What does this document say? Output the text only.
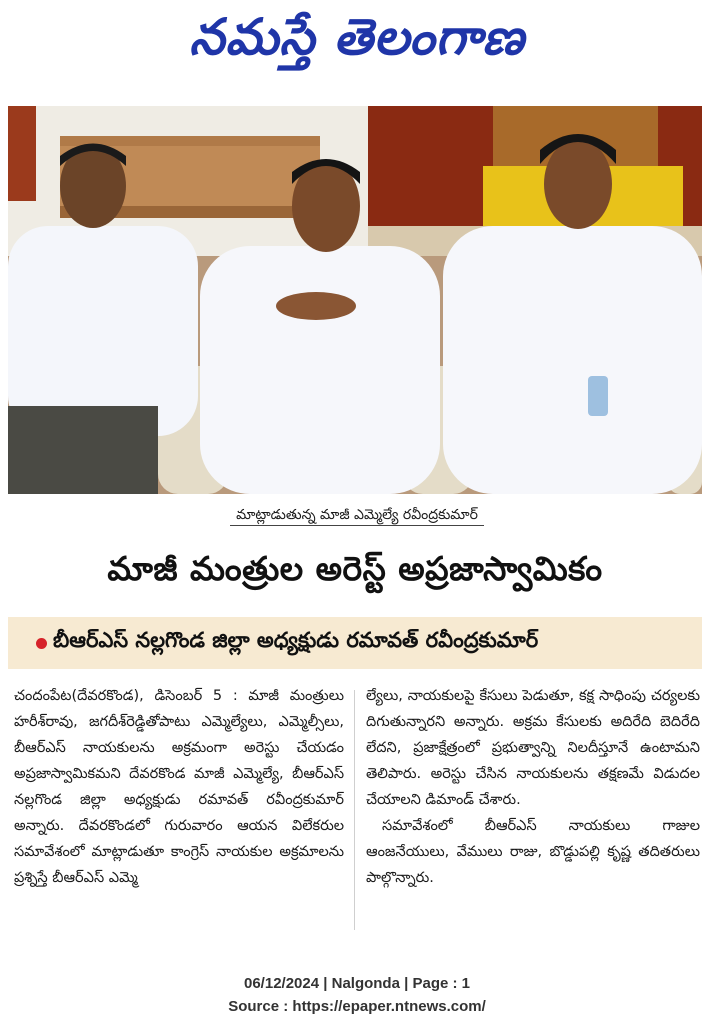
నమస్తే తెలంగాణ
మాట్లాడుతున్న మాజీ ఎమ్మెల్యే రవీంద్రకుమార్
మాజీ మంత్రుల అరెస్ట్ అప్రజాస్వామికం
బీఆర్ఎస్ నల్లగొండ జిల్లా అధ్యక్షుడు రమావత్ రవీంద్రకుమార్

చందంపేట(దేవరకొండ), డిసెంబర్ 5 : మాజీ మంత్రులు హరీశ్‌రావు, జగదీశ్‌రెడ్డితోపాటు ఎమ్మెల్యేలు, ఎమ్మెల్సీలు, బీఆర్ఎస్ నాయకులను అక్రమంగా అరెస్టు చేయడం అప్రజాస్వామికమని దేవరకొండ మాజీ ఎమ్మెల్యే, బీఆర్ఎస్ నల్లగొండ జిల్లా అధ్యక్షుడు రమావత్ రవీంద్రకుమార్ అన్నారు. దేవరకొండలో గురువారం ఆయన విలేకరుల సమావేశంలో మాట్లాడుతూ కాంగ్రెస్ నాయకుల అక్రమాలను ప్రశ్నిస్తే బీఆర్ఎస్ ఎమ్మె

ల్యేలు, నాయకులపై కేసులు పెడుతూ, కక్ష సాధింపు చర్యలకు దిగుతున్నారని అన్నారు. అక్రమ కేసులకు అదిరేది బెదిరేది లేదని, ప్రజాక్షేత్రంలో ప్రభుత్వాన్ని నిలదీస్తూనే ఉంటామని తెలిపారు. అరెస్టు చేసిన నాయకులను తక్షణమే విడుదల చేయాలని డిమాండ్ చేశారు.

సమావేశంలో బీఆర్ఎస్ నాయకులు గాజుల ఆంజనేయులు, వేములు రాజు, బొడ్డుపల్లి కృష్ణ తదితరులు పాల్గొన్నారు.

06/12/2024 | Nalgonda | Page : 1
Source : https://epaper.ntnews.com/
